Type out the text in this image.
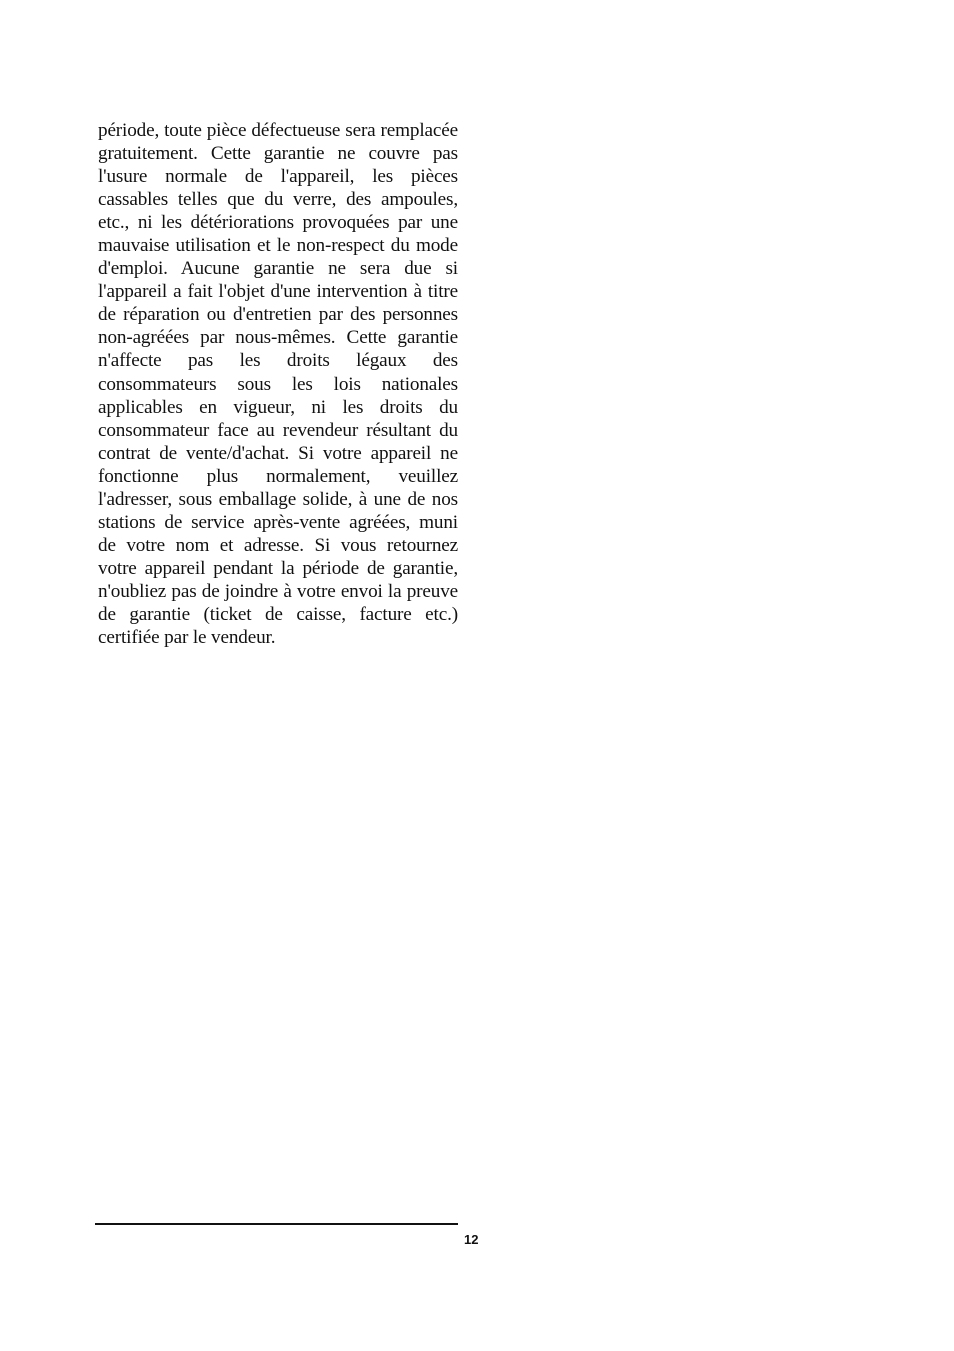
période, toute pièce défectueuse sera remplacée gratuitement. Cette garantie ne couvre pas l'usure normale de l'appareil, les pièces cassables telles que du verre, des ampoules, etc., ni les détériorations provoquées par une mauvaise utilisation et le non-respect du mode d'emploi. Aucune garantie ne sera due si l'appareil a fait l'objet d'une intervention à titre de réparation ou d'entretien par des personnes non-agréées par nous-mêmes. Cette garantie n'affecte pas les droits légaux des consommateurs sous les lois nationales applicables en vigueur, ni les droits du consommateur face au revendeur résultant du contrat de vente/d'achat. Si votre appareil ne fonctionne plus normalement, veuillez l'adresser, sous emballage solide, à une de nos stations de service après-vente agréées, muni de votre nom et adresse. Si vous retournez votre appareil pendant la période de garantie, n'oubliez pas de joindre à votre envoi la preuve de garantie (ticket de caisse, facture etc.) certifiée par le vendeur.

12
